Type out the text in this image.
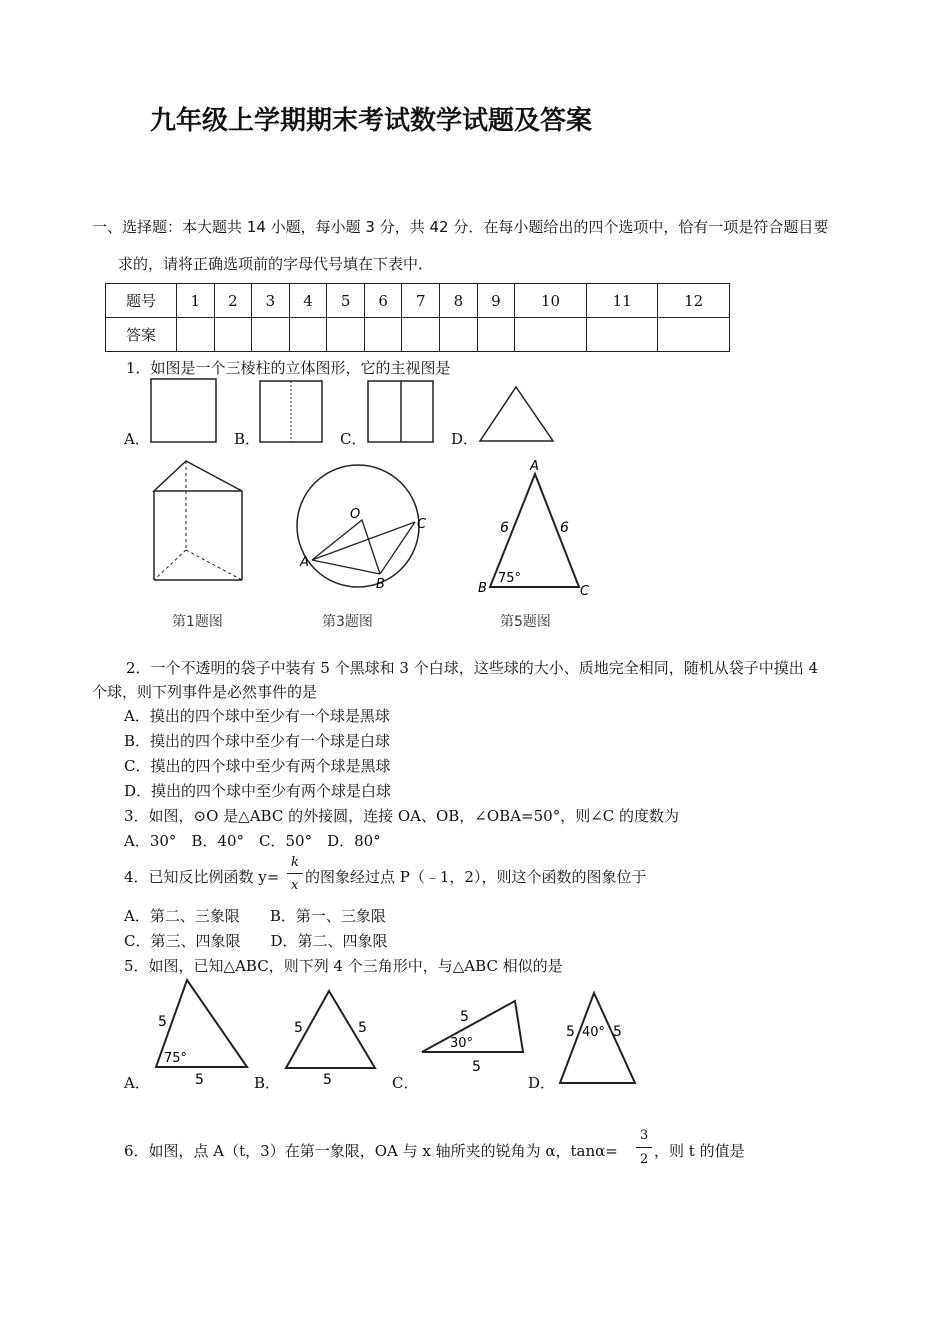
九年级上学期期末考试数学试题及答案
一、选择题：本大题共 14 小题，每小题 3 分，共 42 分．在每小题给出的四个选项中，恰有一项是符合题目要
求的，请将正确选项前的字母代号填在下表中．
题号	1	2	3	4	5	6	7	8	9	10	11	12
答案												
1．如图是一个三棱柱的立体图形，它的主视图是
A．	B．	C．	D．
第1题图
O
C
A
B
第3题图
A
B	C
6	6
75°
第5题图
2．一个不透明的袋子中装有 5 个黑球和 3 个白球，这些球的大小、质地完全相同，随机从袋子中摸出 4
个球，则下列事件是必然事件的是
A．摸出的四个球中至少有一个球是黑球
B．摸出的四个球中至少有一个球是白球
C．摸出的四个球中至少有两个球是黑球
D．摸出的四个球中至少有两个球是白球
3．如图，⊙O 是△ABC 的外接圆，连接 OA、OB，∠OBA=50°，则∠C 的度数为
A．30°　B．40°　C．50°　D．80°
4．已知反比例函数 y=
k
x 的图象经过点 P（﹣1，2），则这个函数的图象位于
A．第二、三象限　　B．第一、三象限
C．第三、四象限　　D．第二、四象限
5．如图，已知△ABC，则下列 4 个三角形中，与△ABC 相似的是
A．	B．	C．	D．
5
75°
5
5	5
5
5
30°
5
5 40° 5
6．如图，点 A（t，3）在第一象限，OA 与 x 轴所夹的锐角为 α，tanα=
3
2 ，则 t 的值是
